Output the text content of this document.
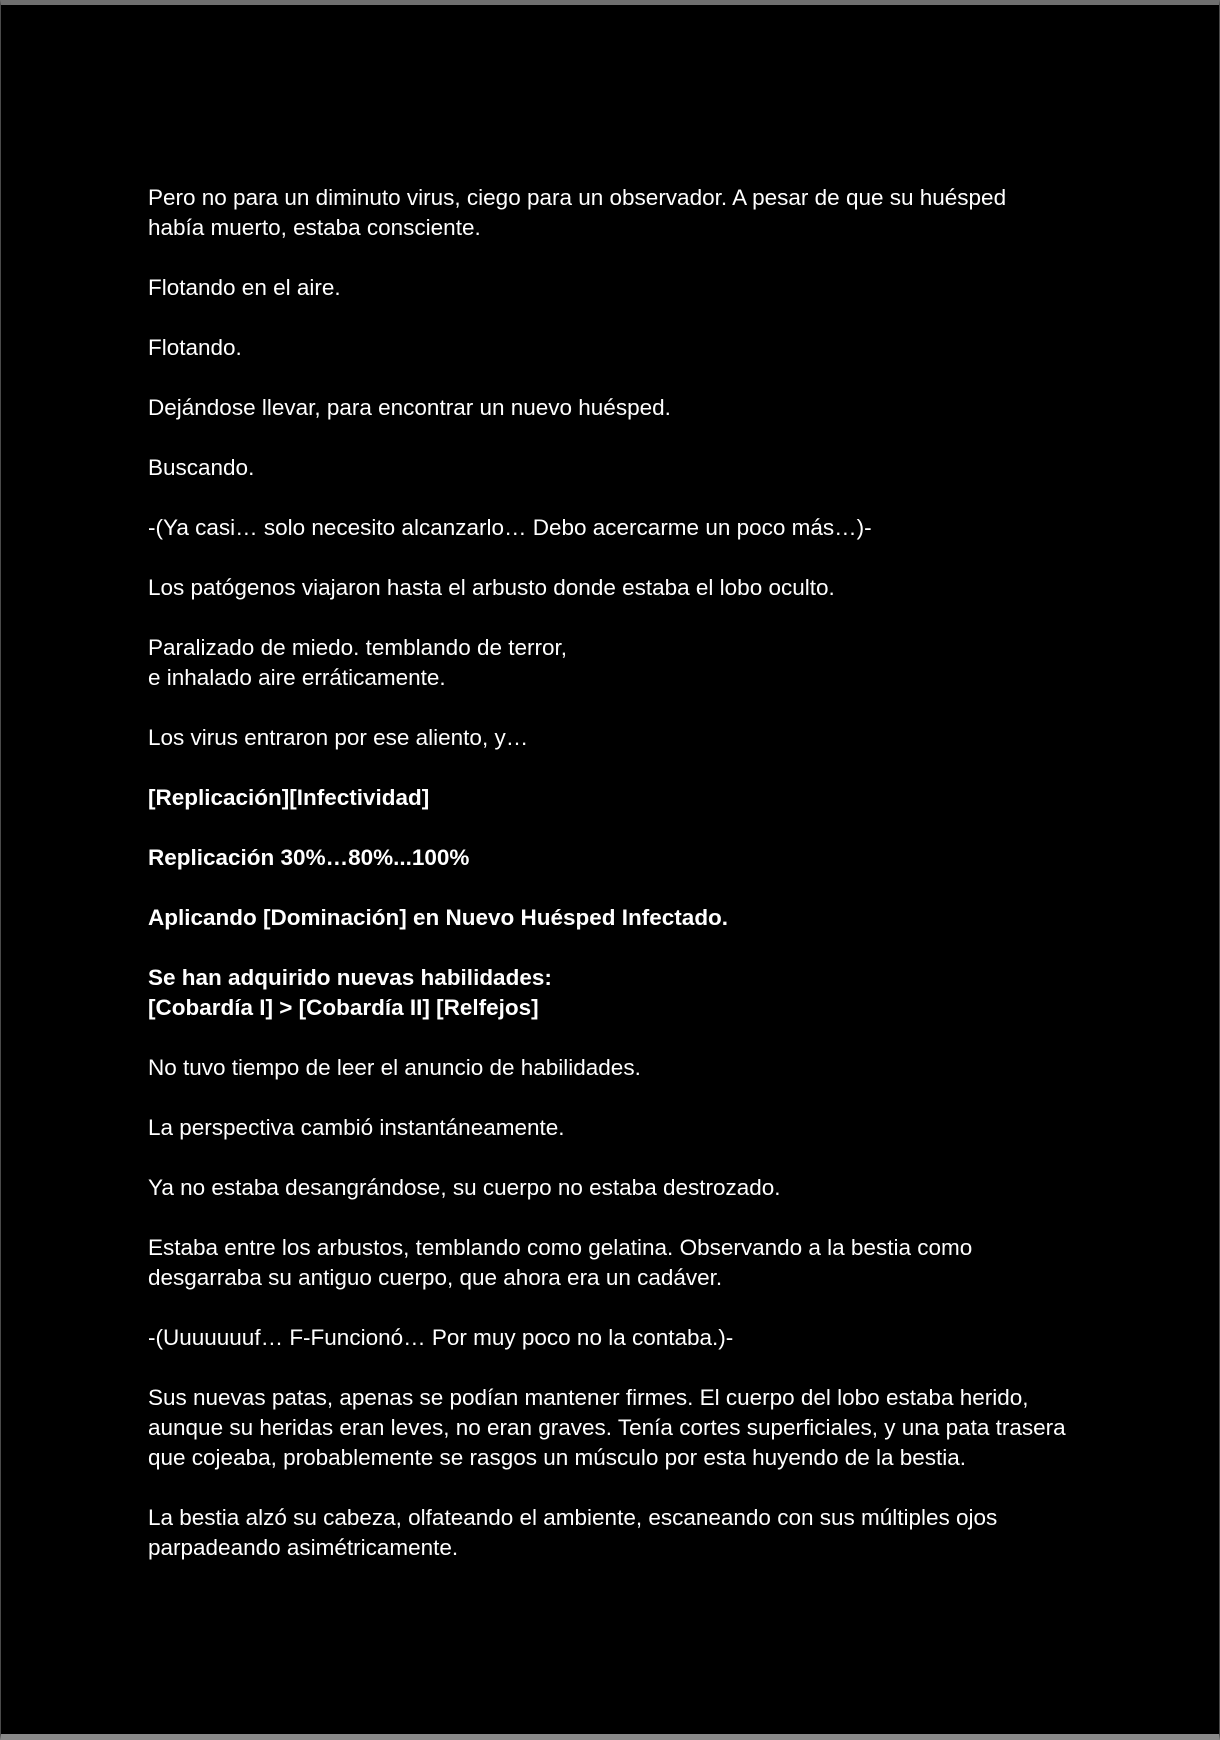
Pero no para un diminuto virus, ciego para un observador. A pesar de que su huésped
había muerto, estaba consciente.

Flotando en el aire.

Flotando.

Dejándose llevar, para encontrar un nuevo huésped.

Buscando.

-(Ya casi… solo necesito alcanzarlo… Debo acercarme un poco más…)-

Los patógenos viajaron hasta el arbusto donde estaba el lobo oculto.

Paralizado de miedo. temblando de terror,
e inhalado aire erráticamente.

Los virus entraron por ese aliento, y…

[Replicación][Infectividad]

Replicación 30%…80%...100%

Aplicando [Dominación] en Nuevo Huésped Infectado.

Se han adquirido nuevas habilidades:
[Cobardía I] > [Cobardía II] [Relfejos]

No tuvo tiempo de leer el anuncio de habilidades.

La perspectiva cambió instantáneamente.

Ya no estaba desangrándose, su cuerpo no estaba destrozado.

Estaba entre los arbustos, temblando como gelatina. Observando a la bestia como
desgarraba su antiguo cuerpo, que ahora era un cadáver.

-(Uuuuuuuf… F-Funcionó… Por muy poco no la contaba.)-

Sus nuevas patas, apenas se podían mantener firmes. El cuerpo del lobo estaba herido,
aunque su heridas eran leves, no eran graves. Tenía cortes superficiales, y una pata trasera
que cojeaba, probablemente se rasgos un músculo por esta huyendo de la bestia.

La bestia alzó su cabeza, olfateando el ambiente, escaneando con sus múltiples ojos
parpadeando asimétricamente.
